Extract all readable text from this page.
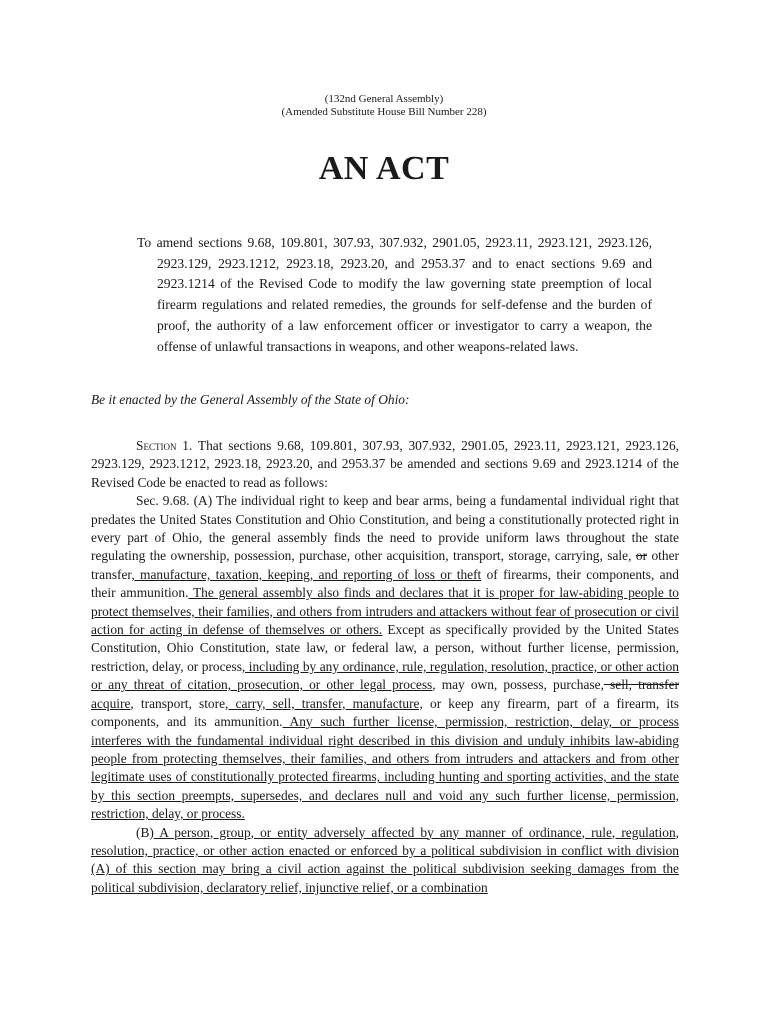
(132nd General Assembly)
(Amended Substitute House Bill Number 228)
AN ACT
To amend sections 9.68, 109.801, 307.93, 307.932, 2901.05, 2923.11, 2923.121, 2923.126, 2923.129, 2923.1212, 2923.18, 2923.20, and 2953.37 and to enact sections 9.69 and 2923.1214 of the Revised Code to modify the law governing state preemption of local firearm regulations and related remedies, the grounds for self-defense and the burden of proof, the authority of a law enforcement officer or investigator to carry a weapon, the offense of unlawful transactions in weapons, and other weapons-related laws.
Be it enacted by the General Assembly of the State of Ohio:

Section 1. That sections 9.68, 109.801, 307.93, 307.932, 2901.05, 2923.11, 2923.121, 2923.126, 2923.129, 2923.1212, 2923.18, 2923.20, and 2953.37 be amended and sections 9.69 and 2923.1214 of the Revised Code be enacted to read as follows:

Sec. 9.68. (A) The individual right to keep and bear arms, being a fundamental individual right that predates the United States Constitution and Ohio Constitution, and being a constitutionally protected right in every part of Ohio, the general assembly finds the need to provide uniform laws throughout the state regulating the ownership, possession, purchase, other acquisition, transport, storage, carrying, sale, or other transfer, manufacture, taxation, keeping, and reporting of loss or theft of firearms, their components, and their ammunition. The general assembly also finds and declares that it is proper for law-abiding people to protect themselves, their families, and others from intruders and attackers without fear of prosecution or civil action for acting in defense of themselves or others. Except as specifically provided by the United States Constitution, Ohio Constitution, state law, or federal law, a person, without further license, permission, restriction, delay, or process, including by any ordinance, rule, regulation, resolution, practice, or other action or any threat of citation, prosecution, or other legal process, may own, possess, purchase, sell, transfer acquire, transport, store, carry, sell, transfer, manufacture, or keep any firearm, part of a firearm, its components, and its ammunition. Any such further license, permission, restriction, delay, or process interferes with the fundamental individual right described in this division and unduly inhibits law-abiding people from protecting themselves, their families, and others from intruders and attackers and from other legitimate uses of constitutionally protected firearms, including hunting and sporting activities, and the state by this section preempts, supersedes, and declares null and void any such further license, permission, restriction, delay, or process.

(B) A person, group, or entity adversely affected by any manner of ordinance, rule, regulation, resolution, practice, or other action enacted or enforced by a political subdivision in conflict with division (A) of this section may bring a civil action against the political subdivision seeking damages from the political subdivision, declaratory relief, injunctive relief, or a combination
